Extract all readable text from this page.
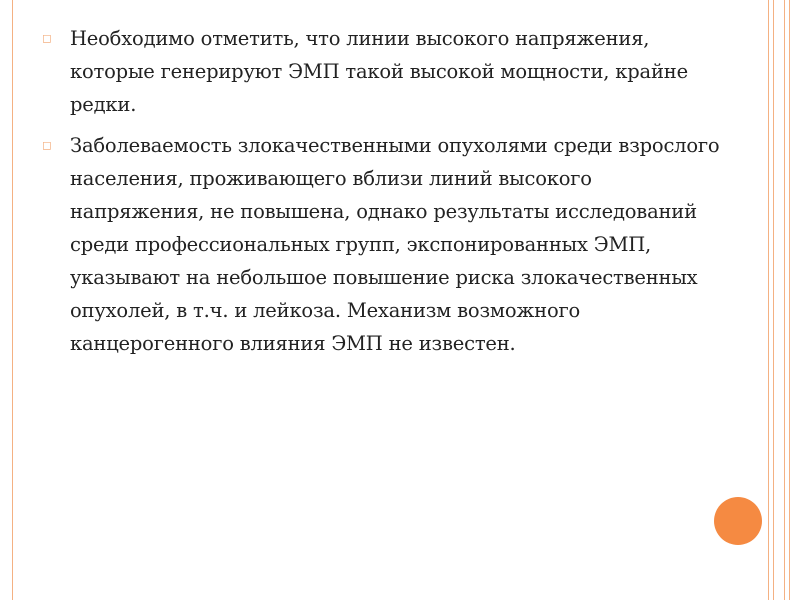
◻ Необходимо отметить, что линии высокого напряжения, которые генерируют ЭМП такой высокой мощности, крайне редки.
◻ Заболеваемость злокачественными опухолями среди взрослого населения, проживающего вблизи линий высокого напряжения, не повышена, однако результаты исследований среди профессиональных групп, экспонированных ЭМП, указывают на небольшое повышение риска злокачественных опухолей, в т.ч. и лейкоза. Механизм возможного канцерогенного влияния ЭМП не известен.
